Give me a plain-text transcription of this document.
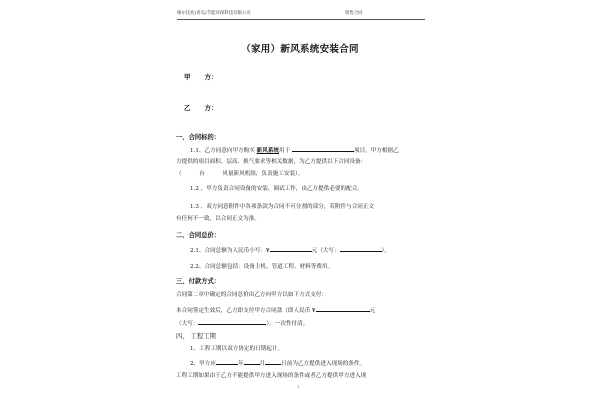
格尔沃抚(青岛)节能环保科技有限公司	销售合同
（家用）新风系统安装合同
甲 方：
乙 方：
一、合同标的：
1.1、乙方同意向甲方购买 新风系统用于	项目。甲方根据乙
方提供的项目面积、层高、换气要求等相关数据，为乙方提供以下合同设备：
（	台	风量新风机组，负责施工安装）。
1.2 、甲方负责合同设备的安装、调试工作，由乙方提供必要的配合。
1.3 、双方同意附件中各项条款为合同不可分割的部分，若附件与合同正文
有任何不一致，以合同正文为准。
二、合同总价：
2.1、合同总额为人民币小写：¥	元（大写：	）。
2.2、合同总额包括：设备主机、管道工程、材料等费用。
三、付款方式：
合同第二章中确定的合同总价由乙方向甲方以如下方式支付：
本合同签定生效后，乙方即支付甲方合同款（即人民币 ¥	元
（大写：	），一次性付清。
四、 工程工期
1、工程工期以双方协定的日期起计。
2、甲方应	年	月	日前为乙方提供进入现场的条件。
工程工期如果由于乙方不能提供甲方进入现场的条件或者乙方提供甲方进入现
1
